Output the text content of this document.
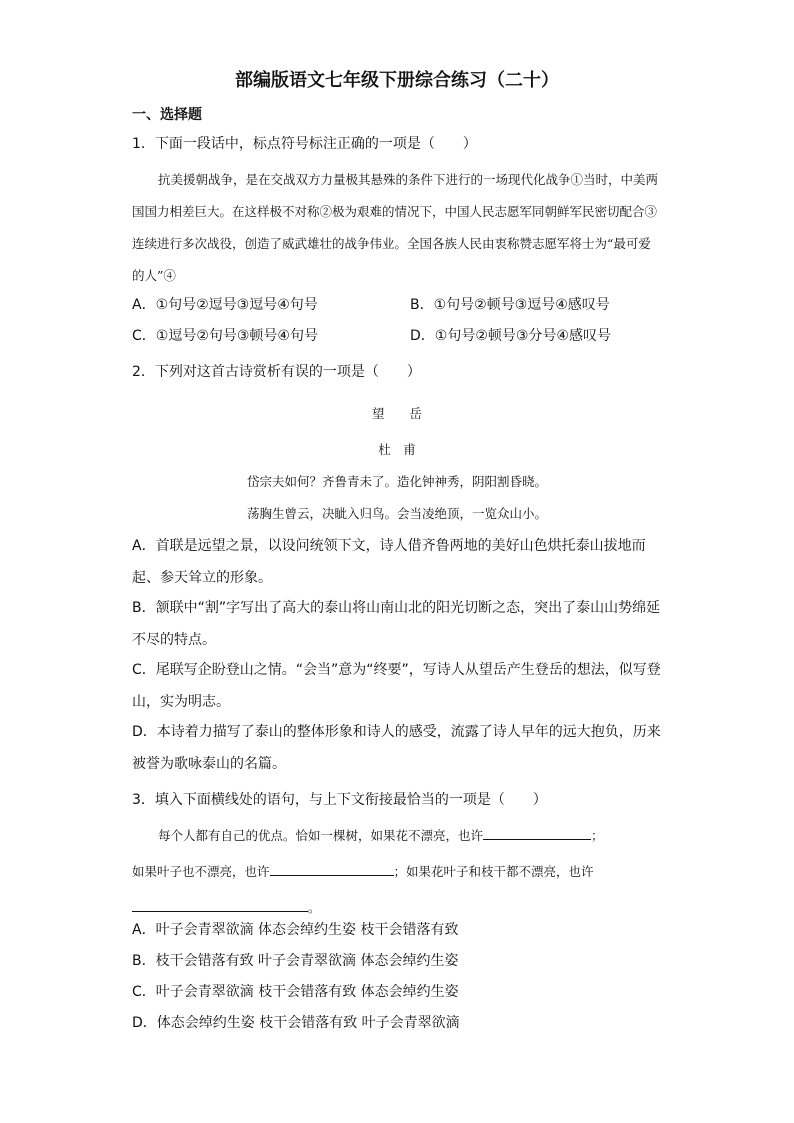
部编版语文七年级下册综合练习（二十）
一、选择题
1．下面一段话中，标点符号标注正确的一项是（　　）
抗美援朝战争，是在交战双方力量极其悬殊的条件下进行的一场现代化战争①当时，中美两国国力相差巨大。在这样极不对称②极为艰难的情况下，中国人民志愿军同朝鲜军民密切配合③连续进行多次战役，创造了威武雄壮的战争伟业。全国各族人民由衷称赞志愿军将士为“最可爱的人”④
A．①句号②逗号③逗号④句号	B．①句号②顿号③逗号④感叹号
C．①逗号②句号③顿号④句号	D．①句号②顿号③分号④感叹号
2．下列对这首古诗赏析有误的一项是（　　）
望　　岳
杜　甫
岱宗夫如何？齐鲁青未了。造化钟神秀，阴阳割昏晓。
荡胸生曾云，决眦入归鸟。会当凌绝顶，一览众山小。
A．首联是远望之景，以设问统领下文，诗人借齐鲁两地的美好山色烘托泰山拔地而起、参天耸立的形象。
B．颔联中“割”字写出了高大的泰山将山南山北的阳光切断之态，突出了泰山山势绵延不尽的特点。
C．尾联写企盼登山之情。“会当”意为“终要”，写诗人从望岳产生登岳的想法，似写登山，实为明志。
D．本诗着力描写了泰山的整体形象和诗人的感受，流露了诗人早年的远大抱负，历来被誉为歌咏泰山的名篇。
3．填入下面横线处的语句，与上下文衔接最恰当的一项是（　　）
每个人都有自己的优点。恰如一棵树，如果花不漂亮，也许	；
如果叶子也不漂亮，也许	；如果花叶子和枝干都不漂亮，也许
。
A．叶子会青翠欲滴 体态会绰约生姿 枝干会错落有致
B．枝干会错落有致 叶子会青翠欲滴 体态会绰约生姿
C．叶子会青翠欲滴 枝干会错落有致 体态会绰约生姿
D．体态会绰约生姿 枝干会错落有致 叶子会青翠欲滴
